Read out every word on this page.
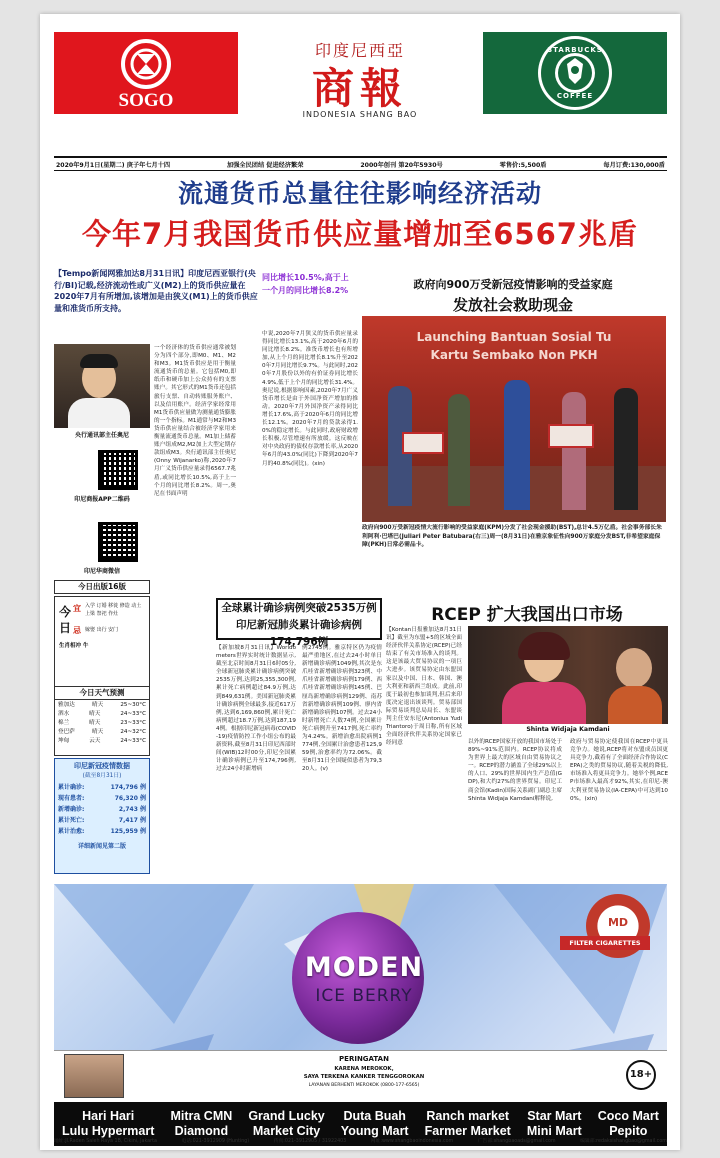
SOGO
印度尼西亞
商報
INDONESIA SHANG BAO
STARBUCKS
COFFEE
2020年9月1日(星期二) 庚子年七月十四	加强全民团结 促进经济繁荣	2000年创刊 第20年5930号	零售价:5,500盾	每月订费:130,000盾
流通货币总量往往影响经济活动
今年7月我国货币供应量增加至6567兆盾
【Tempo新闻网雅加达8月31日讯】印度尼西亚银行(央行/BI)记载,经济流动性或广义(M2)上的货币供应量在2020年7月有所增加,该增加是由狭义(M1)上的货币供应量和准货币所支持。
同比增长10.5%,高于上一个月的同比增长8.2%
央行通讯部主任奥尼
印尼商报APP二维码
印尼华商微信
今日出版16版
今
日
宜 入学 订婚 移徙 修造 动土 上梁 祭祀 作灶
忌 嫁娶 出行 安门
生肖相冲 牛
今日天气预测
雅加达	晴天	25~30°C
泗水	晴天	24~33°C
棉兰	晴天	23~33°C
登巴萨	晴天	24~32°C
坤甸	云天	24~33°C
印尼新冠疫情数据
(截至8月31日)
累计确诊:	174,796 例
现有患者:	76,320 例
新增确诊:	2,743 例
累计死亡:	7,417 例
累计治愈:	125,959 例
详细新闻见第二版
一个经济体的货币供应通常被划分为四个部分,即M0、M1、M2和M3。M1货币供应是用于衡量流通货币的总量。它包括M0,即纸币和硬币加上公众持有的支票账户。其它形式的M1货币还包括旅行支票、自动转账服务账户、以及信用账户。经济学家经常用M1货币供应量做为测量通货膨胀的一个指标。M1通常与M2和M3货币供应量结合被经济学家用来衡量流通货币总量。M1加上储蓄账户组成M2,M2加上大型定期存款组成M3。央行通讯部主任奥尼(Onny Wijanarko)称,2020年7月广义货币供应量录得6567.7兆盾,或同比增长10.5%,高于上一个月的同比增长8.2%。周一,奥尼在书面声明
中说,2020年7月狭义的货币供应量录得同比增长13.1%,高于2020年6月的同比增长8.2%。准货币增长也有所增加,从上个月的同比增长8.1%升至2020年7月同比增长9.7%。与此同时,2020年7月股份以外的有价证券同比增长4.9%,低于上个月的同比增长31.4%。奥尼说,根据影响因素,2020年7月广义货币增长是由于外国净资产增加的推动。2020年7月外国净资产录得同比增长17.6%,高于2020年6月的同比增长12.1%。2020年7月的贷款录得1.0%的稳定增长。与此同时,政府财政增长积极,尽管增速有所放缓。这反映在对中央政府的债权存款增长率,从2020年6月的43.0%(同比)下降到2020年7月的40.8%(同比)。(xin)
政府向900万受新冠疫情影响的受益家庭
发放社会救助现金
Launching Bantuan Sosial Tu
Kartu Sembako Non PKH
政府向900万受新冠疫情大流行影响的受益家庭(KPM)分发了社会现金援助(BST),总计4.5万亿盾。社会事务部长朱利阿利·巴塔巴(Juliari Peter Batubara(右三)周一(8月31日)在雅京象征性向900万家庭分发BST,非希望家庭保障(PKH)日常必需品卡。
全球累计确诊病例突破2535万例
印尼新冠肺炎累计确诊病例174,796例
【新加坡8月31日讯】Worldometers世界实时统计数据显示,截至北京时间8月31日6时05分,全球新冠肺炎累计确诊病例突破2535万例,达到25,355,300例,累计死亡病例超过84.9万例,达到849,631例。美国新冠肺炎累计确诊病例全球最多,接近617万例,达到6,169,860例,累计死亡病例超过18.7万例,达到187,194例。根据印尼新冠病毒(COVID-19)疫情防控工作小组公布的最新资料,截至8月31日印尼西部时间(WIB)12时00分,印尼全国累计确诊病例已升至174,796例,过去24小时新增病
例2743例。雅京特区仍为疫情最严重地区,在过去24小时单日新增确诊病例1049例,其次是东爪哇省新增确诊病例323例、中爪哇省新增确诊病例179例、西爪哇省新增确诊病例145例、巴厘岛新增确诊病例129例、南苏省新增确诊病例109例、廖内省新增确诊病例107例。过去24小时新增死亡人数74例,全国累计死亡病例升至7417例,死亡率约为4.24%。新增治愈出院病例1774例,全国累计治愈患者125,959例,治愈率约为72.06%。截至8月31日全国疑似患者为79,320人。(v)
RCEP 扩大我国出口市场
【Kontan日报雅加达8月31日讯】截至为东盟+5的区域全面经济伙伴关系协定(RCEP)已经结束了有关市场准入的谈判。这是该最大贸易协议的一项巨大进步。该贸易协定由东盟国家以及中国、日本、韩国、澳大利亚和新西兰组成。此前,印度于最初也参加谈判,但后来印度决定退出该谈判。贸易部国际贸易谈判总局局长、东盟谈判主任安东尼(Antonius Yudi Triantoro)于周日称,所有区域全面经济伙伴关系协定国家已经同意
Shinta Widjaja Kamdani
以外的RCEP国家开放的我国市场处于89%~91%范围内。RCEP协议将成为世界上最大的区域自由贸易协议之一。RCEP的潜力涵盖了全球29%以上的人口、29%的世界国内生产总值(GDP),和大约27%的世界贸易。印尼工商会馆(Kadin)国际关系副门副总主席Shinta Widjaja Kamdani解释说,
政府与贸易协定使我国在RCEP中更具竞争力。她说,RCEP将对东盟成员国更具竞争力,截着有了全面经济合作协议(CEPA)之类的贸易协议,随着关税的降低,市场准入将更具竞争力。她举个例,RCEP市场准入最高才92%,其实,在印尼-澳大利亚贸易协议(IA-CEPA)中可达到100%。(xin)
MODEN
ICE BERRY
MD
FILTER CIGARETTES
PERINGATAN
KARENA MEROKOK,
SAYA TERKENA KANKER TENGGOROKAN
LAYANAN BERHENTI MEROKOK (0800-177-6565)
18+
Hari Hari
Lulu Hypermart
Mitra CMN
Diamond
Grand Lucky
Market City
Duta Buah
Young Mart
Ranch market
Farmer Market
Star Mart
Mini Mart
Coco Mart
Pepito
地址:Jl.Raden Saleh Raya 1B, Cikini, Jakarta	电话:021-3912909 (Hunting)	传真:021-3912905 / 31922403	网址:www.shangbaoindonesia.com	广告部:shangbaoads@gmail.com	编辑部:redaksishangbao@gmail.com
